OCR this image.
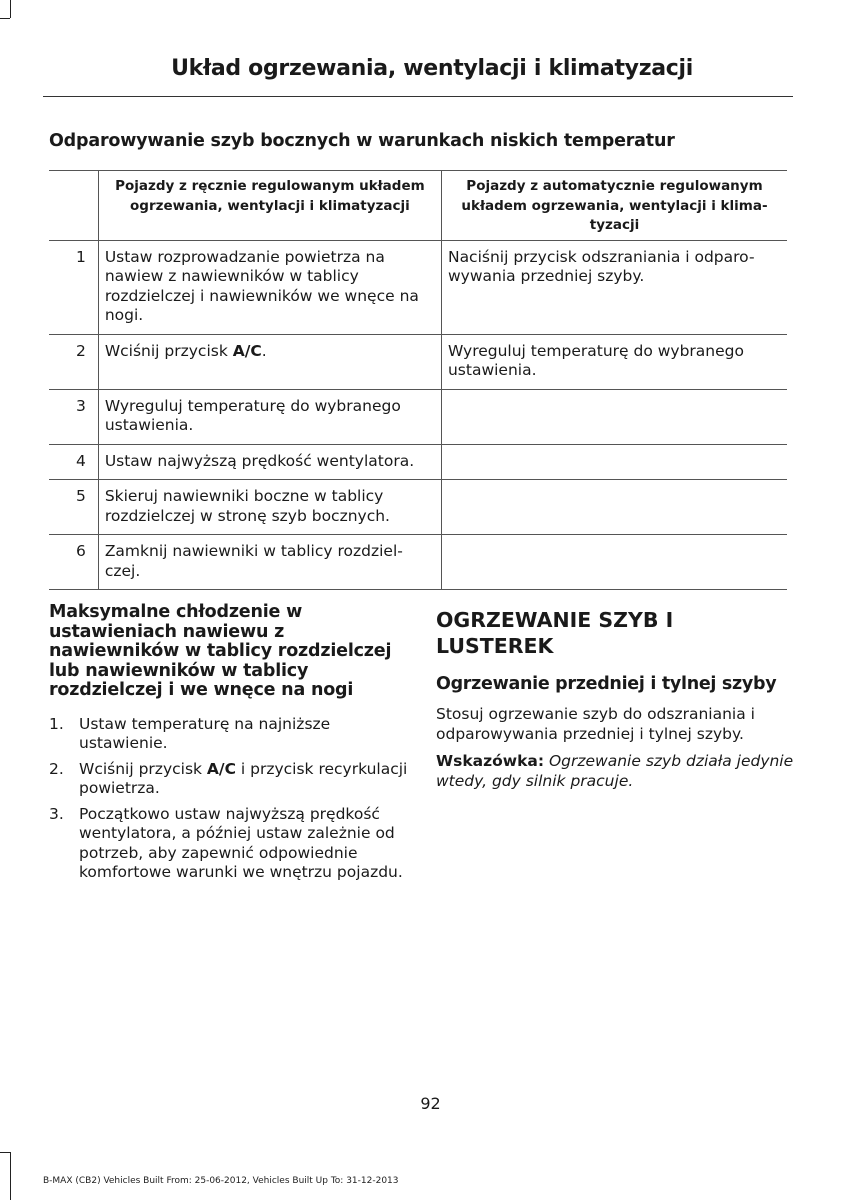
Układ ogrzewania, wentylacji i klimatyzacji
Odparowywanie szyb bocznych w warunkach niskich temperatur
	Pojazdy z ręcznie regulowanym układem ogrzewania, wentylacji i klimatyzacji	Pojazdy z automatycznie regulowanym układem ogrzewania, wentylacji i klima-tyzacji
1	Ustaw rozprowadzanie powietrza na nawiew z nawiewników w tablicy rozdzielczej i nawiewników we wnęce na nogi.	Naciśnij przycisk odszraniania i odparo-wywania przedniej szyby.
2	Wciśnij przycisk A/C.	Wyreguluj temperaturę do wybranego ustawienia.
3	Wyreguluj temperaturę do wybranego ustawienia.	
4	Ustaw najwyższą prędkość wentylatora.	
5	Skieruj nawiewniki boczne w tablicy rozdzielczej w stronę szyb bocznych.	
6	Zamknij nawiewniki w tablicy rozdziel-czej.	
Maksymalne chłodzenie w ustawieniach nawiewu z nawiewników w tablicy rozdzielczej lub nawiewników w tablicy rozdzielczej i we wnęce na nogi
1. Ustaw temperaturę na najniższe ustawienie.
2. Wciśnij przycisk A/C i przycisk recyrkulacji powietrza.
3. Początkowo ustaw najwyższą prędkość wentylatora, a później ustaw zależnie od potrzeb, aby zapewnić odpowiednie komfortowe warunki we wnętrzu pojazdu.
OGRZEWANIE SZYB I LUSTEREK
Ogrzewanie przedniej i tylnej szyby

Stosuj ogrzewanie szyb do odszraniania i odparowywania przedniej i tylnej szyby.

Wskazówka: Ogrzewanie szyb działa jedynie wtedy, gdy silnik pracuje.

92
B-MAX (CB2) Vehicles Built From: 25-06-2012, Vehicles Built Up To: 31-12-2013
